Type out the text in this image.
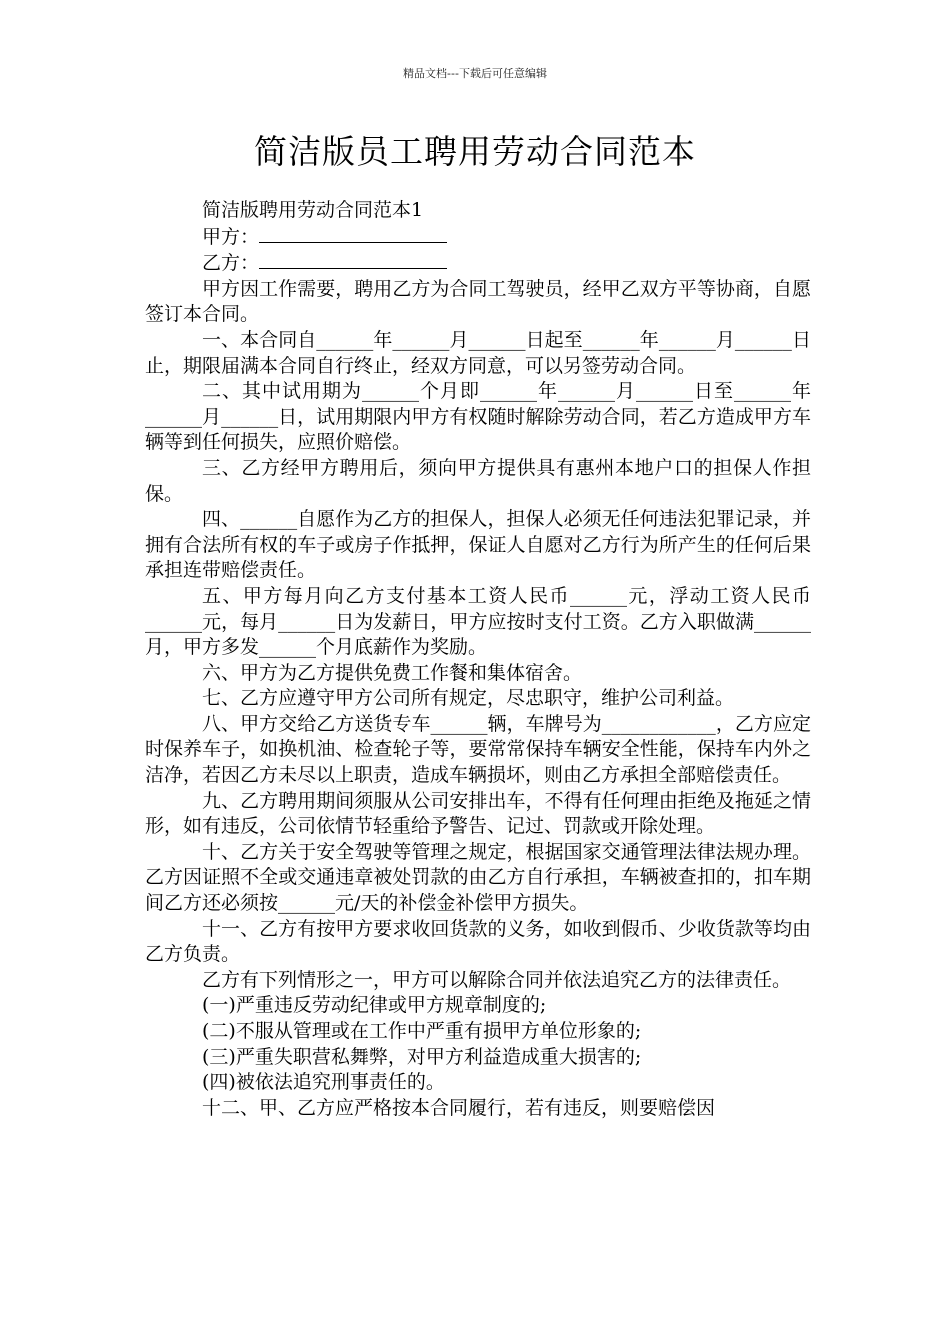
精品文档---下载后可任意编辑
简洁版员工聘用劳动合同范本

简洁版聘用劳动合同范本1

甲方：

乙方：

甲方因工作需要，聘用乙方为合同工驾驶员，经甲乙双方平等协商，自愿签订本合同。

一、本合同自______年______月______日起至______年______月______日止，期限届满本合同自行终止，经双方同意，可以另签劳动合同。

二、其中试用期为______个月即______年______月______日至______年______月______日，试用期限内甲方有权随时解除劳动合同，若乙方造成甲方车辆等到任何损失，应照价赔偿。

三、乙方经甲方聘用后，须向甲方提供具有惠州本地户口的担保人作担保。

四、______自愿作为乙方的担保人，担保人必须无任何违法犯罪记录，并拥有合法所有权的车子或房子作抵押，保证人自愿对乙方行为所产生的任何后果承担连带赔偿责任。

五、甲方每月向乙方支付基本工资人民币______元，浮动工资人民币______元，每月______日为发薪日，甲方应按时支付工资。乙方入职做满______月，甲方多发______个月底薪作为奖励。

六、甲方为乙方提供免费工作餐和集体宿舍。

七、乙方应遵守甲方公司所有规定，尽忠职守，维护公司利益。

八、甲方交给乙方送货专车______辆，车牌号为____________，乙方应定时保养车子，如换机油、检查轮子等，要常常保持车辆安全性能，保持车内外之洁净，若因乙方未尽以上职责，造成车辆损坏，则由乙方承担全部赔偿责任。

九、乙方聘用期间须服从公司安排出车，不得有任何理由拒绝及拖延之情形，如有违反，公司依情节轻重给予警告、记过、罚款或开除处理。

十、乙方关于安全驾驶等管理之规定，根据国家交通管理法律法规办理。乙方因证照不全或交通违章被处罚款的由乙方自行承担，车辆被查扣的，扣车期间乙方还必须按______元/天的补偿金补偿甲方损失。

十一、乙方有按甲方要求收回货款的义务，如收到假币、少收货款等均由乙方负责。

乙方有下列情形之一，甲方可以解除合同并依法追究乙方的法律责任。

(一)严重违反劳动纪律或甲方规章制度的;

(二)不服从管理或在工作中严重有损甲方单位形象的;

(三)严重失职营私舞弊，对甲方利益造成重大损害的;

(四)被依法追究刑事责任的。

十二、甲、乙方应严格按本合同履行，若有违反，则要赔偿因
